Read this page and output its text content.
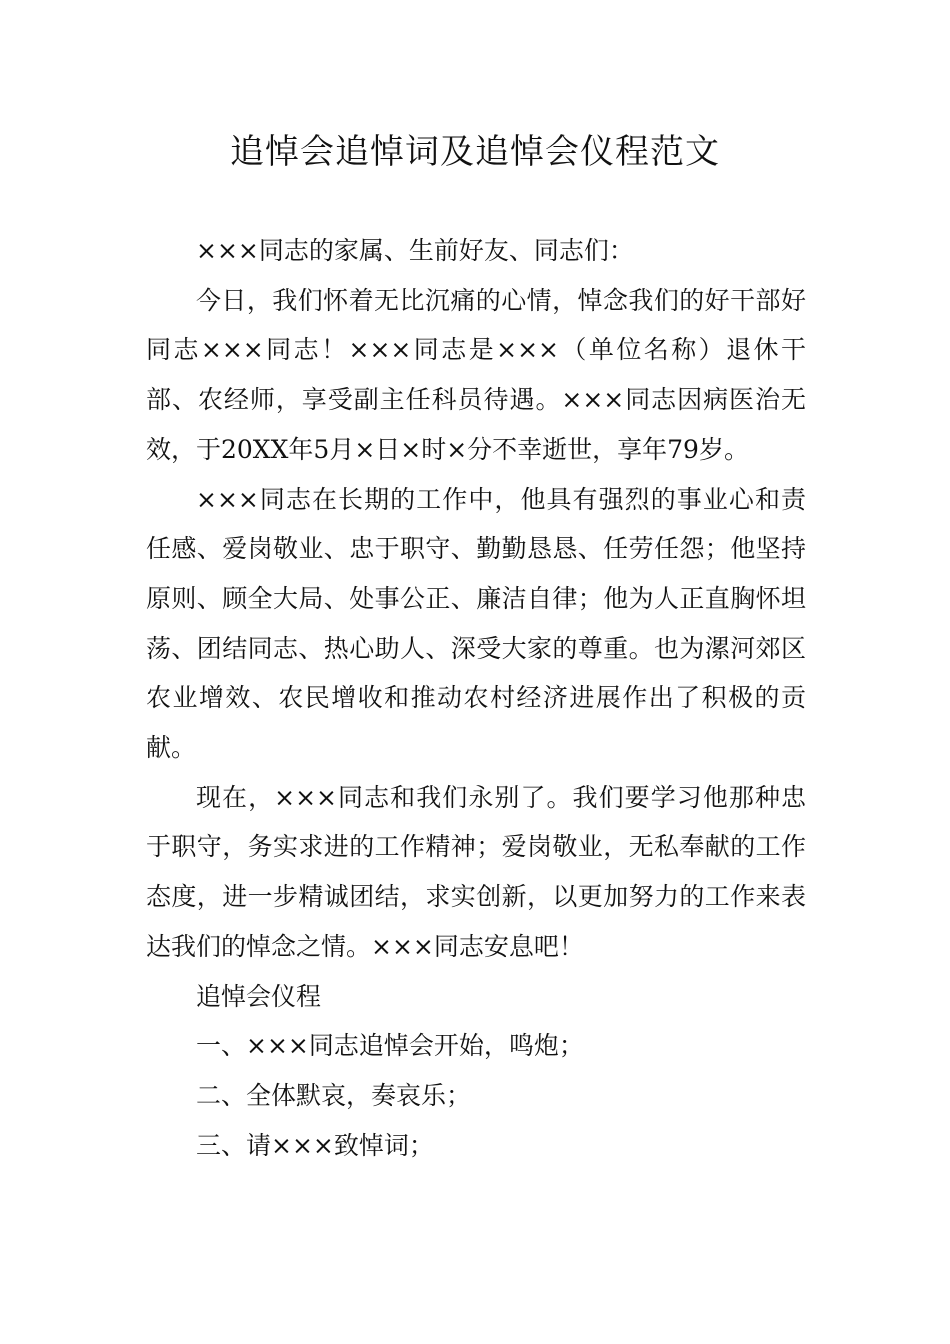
追悼会追悼词及追悼会仪程范文

×××同志的家属、生前好友、同志们：

今日，我们怀着无比沉痛的心情，悼念我们的好干部好同志×××同志！×××同志是×××（单位名称）退休干部、农经师，享受副主任科员待遇。×××同志因病医治无效，于20XX年5月×日×时×分不幸逝世，享年79岁。

×××同志在长期的工作中，他具有强烈的事业心和责任感、爱岗敬业、忠于职守、勤勤恳恳、任劳任怨；他坚持原则、顾全大局、处事公正、廉洁自律；他为人正直胸怀坦荡、团结同志、热心助人、深受大家的尊重。也为漯河郊区农业增效、农民增收和推动农村经济进展作出了积极的贡献。

现在，×××同志和我们永别了。我们要学习他那种忠于职守，务实求进的工作精神；爱岗敬业，无私奉献的工作态度，进一步精诚团结，求实创新，以更加努力的工作来表达我们的悼念之情。×××同志安息吧！

追悼会仪程

一、×××同志追悼会开始，鸣炮；

二、全体默哀，奏哀乐；

三、请×××致悼词；
